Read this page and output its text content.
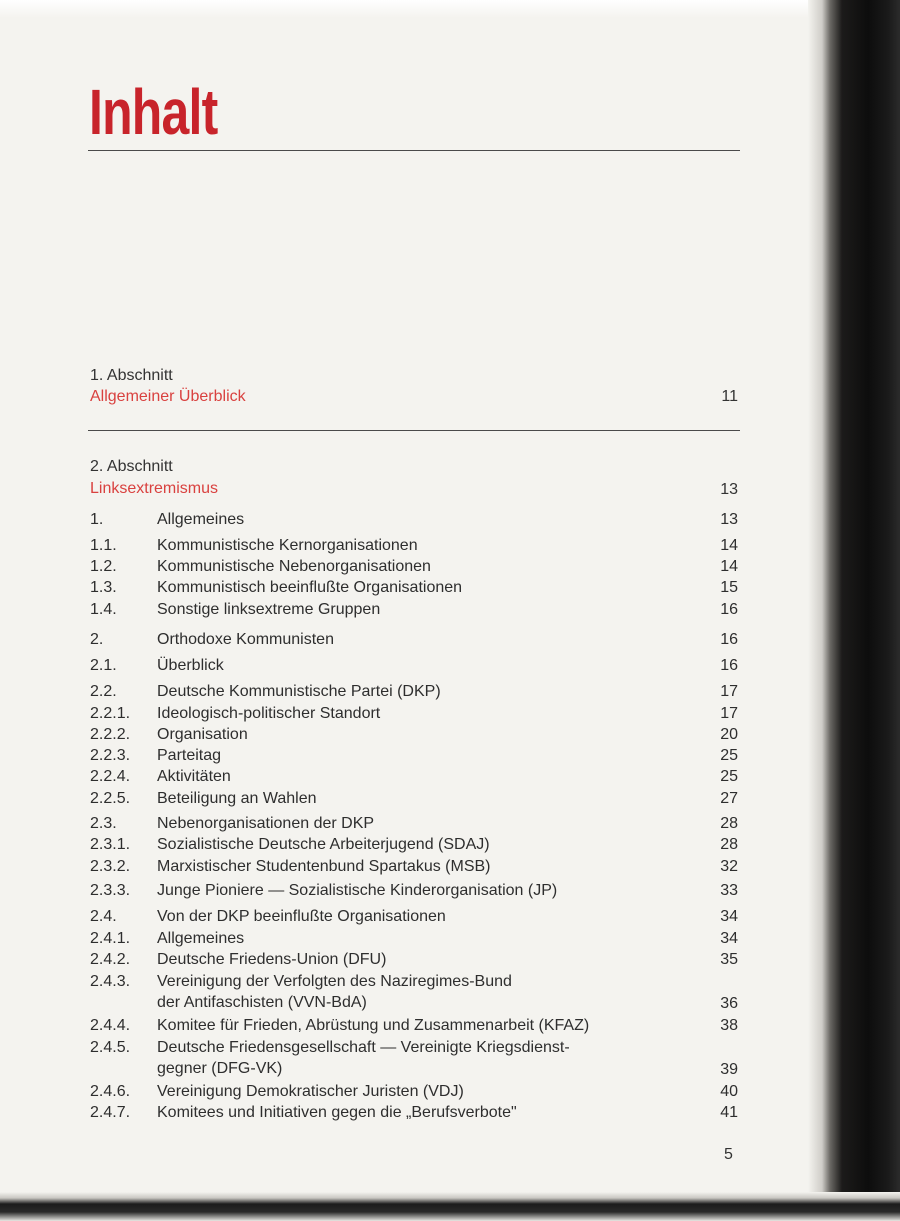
Inhalt
1. Abschnitt
Allgemeiner Überblick	11
2. Abschnitt
Linksextremismus	13
1.	Allgemeines	13
1.1.	Kommunistische Kernorganisationen	14
1.2.	Kommunistische Nebenorganisationen	14
1.3.	Kommunistisch beeinflußte Organisationen	15
1.4.	Sonstige linksextreme Gruppen	16
2.	Orthodoxe Kommunisten	16
2.1.	Überblick	16
2.2.	Deutsche Kommunistische Partei (DKP)	17
2.2.1. Ideologisch-politischer Standort	17
2.2.2. Organisation	20
2.2.3. Parteitag	25
2.2.4. Aktivitäten	25
2.2.5. Beteiligung an Wahlen	27
2.3.	Nebenorganisationen der DKP	28
2.3.1. Sozialistische Deutsche Arbeiterjugend (SDAJ)	28
2.3.2. Marxistischer Studentenbund Spartakus (MSB)	32
2.3.3. Junge Pioniere — Sozialistische Kinderorganisation (JP)	33
2.4.	Von der DKP beeinflußte Organisationen	34
2.4.1. Allgemeines	34
2.4.2. Deutsche Friedens-Union (DFU)	35
2.4.3. Vereinigung der Verfolgten des Naziregimes-Bund
der Antifaschisten (VVN-BdA)	36
2.4.4. Komitee für Frieden, Abrüstung und Zusammenarbeit (KFAZ)	38
2.4.5. Deutsche Friedensgesellschaft — Vereinigte Kriegsdienst-
gegner (DFG-VK)	39
2.4.6. Vereinigung Demokratischer Juristen (VDJ)	40
2.4.7. Komitees und Initiativen gegen die „Berufsverbote"	41
5
